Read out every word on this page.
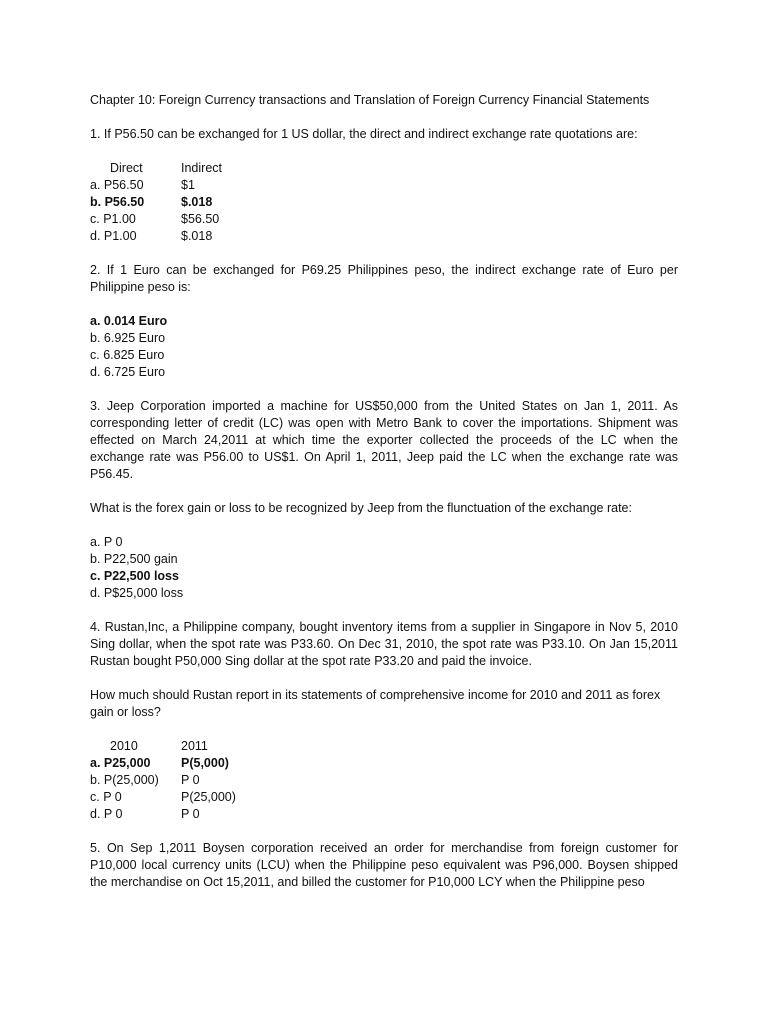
Chapter 10: Foreign Currency transactions and Translation of Foreign Currency Financial Statements
1. If P56.50 can be exchanged for 1 US dollar, the direct and indirect exchange rate quotations are:
Direct	Indirect
a. P56.50	$1
b. P56.50	$.018
c. P1.00	$56.50
d. P1.00	$.018
2. If 1 Euro can be exchanged for P69.25 Philippines peso, the indirect exchange rate of Euro per Philippine peso is:
a. 0.014 Euro
b. 6.925 Euro
c. 6.825 Euro
d. 6.725 Euro
3. Jeep Corporation imported a machine for US$50,000 from the United States on Jan 1, 2011. As corresponding letter of credit (LC) was open with Metro Bank to cover the importations. Shipment was effected on March 24,2011 at which time the exporter collected the proceeds of the LC when the exchange rate was P56.00 to US$1. On April 1, 2011, Jeep paid the LC when the exchange rate was P56.45.
What is the forex gain or loss to be recognized by Jeep from the flunctuation of the exchange rate:
a. P 0
b. P22,500 gain
c. P22,500 loss
d. P$25,000 loss
4. Rustan,Inc, a Philippine company, bought inventory items from a supplier in Singapore in Nov 5, 2010 Sing dollar, when the spot rate was P33.60. On Dec 31, 2010, the spot rate was P33.10. On Jan 15,2011 Rustan bought P50,000 Sing dollar at the spot rate P33.20 and paid the invoice.
How much should Rustan report in its statements of comprehensive income for 2010 and 2011 as forex gain or loss?
2010	2011
a. P25,000	P(5,000)
b. P(25,000)	P 0
c. P 0	P(25,000)
d. P 0	P 0
5. On Sep 1,2011 Boysen corporation received an order for merchandise from foreign customer for P10,000 local currency units (LCU) when the Philippine peso equivalent was P96,000. Boysen shipped the merchandise on Oct 15,2011, and billed the customer for P10,000 LCY when the Philippine peso
